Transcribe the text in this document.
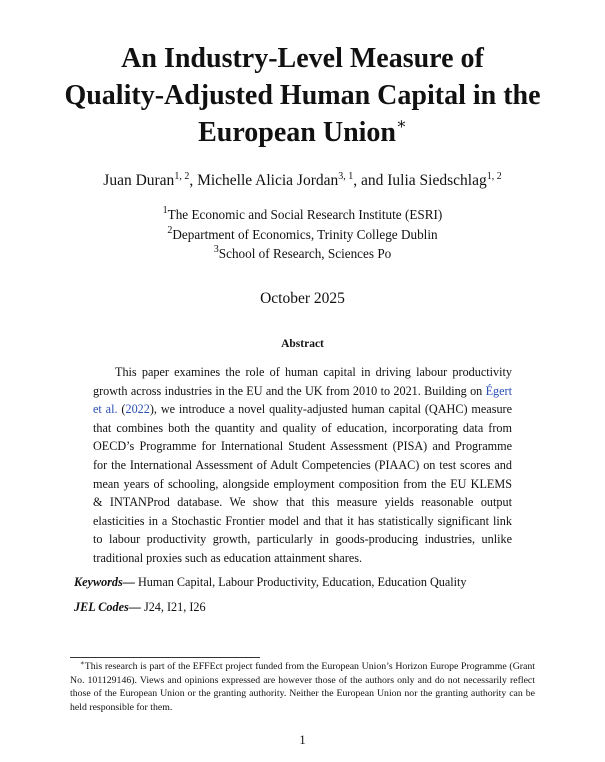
An Industry-Level Measure of
Quality-Adjusted Human Capital in the
European Union∗
Juan Duran$^{1, 2}$, Michelle Alicia Jordan$^{3, 1}$, and Iulia Siedschlag$^{1, 2}$
$^1$The Economic and Social Research Institute (ESRI)
$^2$Department of Economics, Trinity College Dublin
$^3$School of Research, Sciences Po
October 2025
Abstract
This paper examines the role of human capital in driving labour productivity growth across industries in the EU and the UK from 2010 to 2021. Building on Égert et al. (2022), we introduce a novel quality-adjusted human capital (QAHC) measure that combines both the quantity and quality of education, incorporating data from OECD’s Programme for International Student Assessment (PISA) and Programme for the International Assessment of Adult Competencies (PIAAC) on test scores and mean years of schooling, alongside employment composition from the EU KLEMS & INTANProd database. We show that this measure yields reasonable output elasticities in a Stochastic Frontier model and that it has statistically significant link to labour productivity growth, particularly in goods-producing industries, unlike traditional proxies such as education attainment shares.
Keywords— Human Capital, Labour Productivity, Education, Education Quality
JEL Codes— J24, I21, I26
∗This research is part of the EFFEct project funded from the European Union’s Horizon Europe Programme (Grant No. 101129146). Views and opinions expressed are however those of the authors only and do not necessarily reflect those of the European Union or the granting authority. Neither the European Union nor the granting authority can be held responsible for them.
1
